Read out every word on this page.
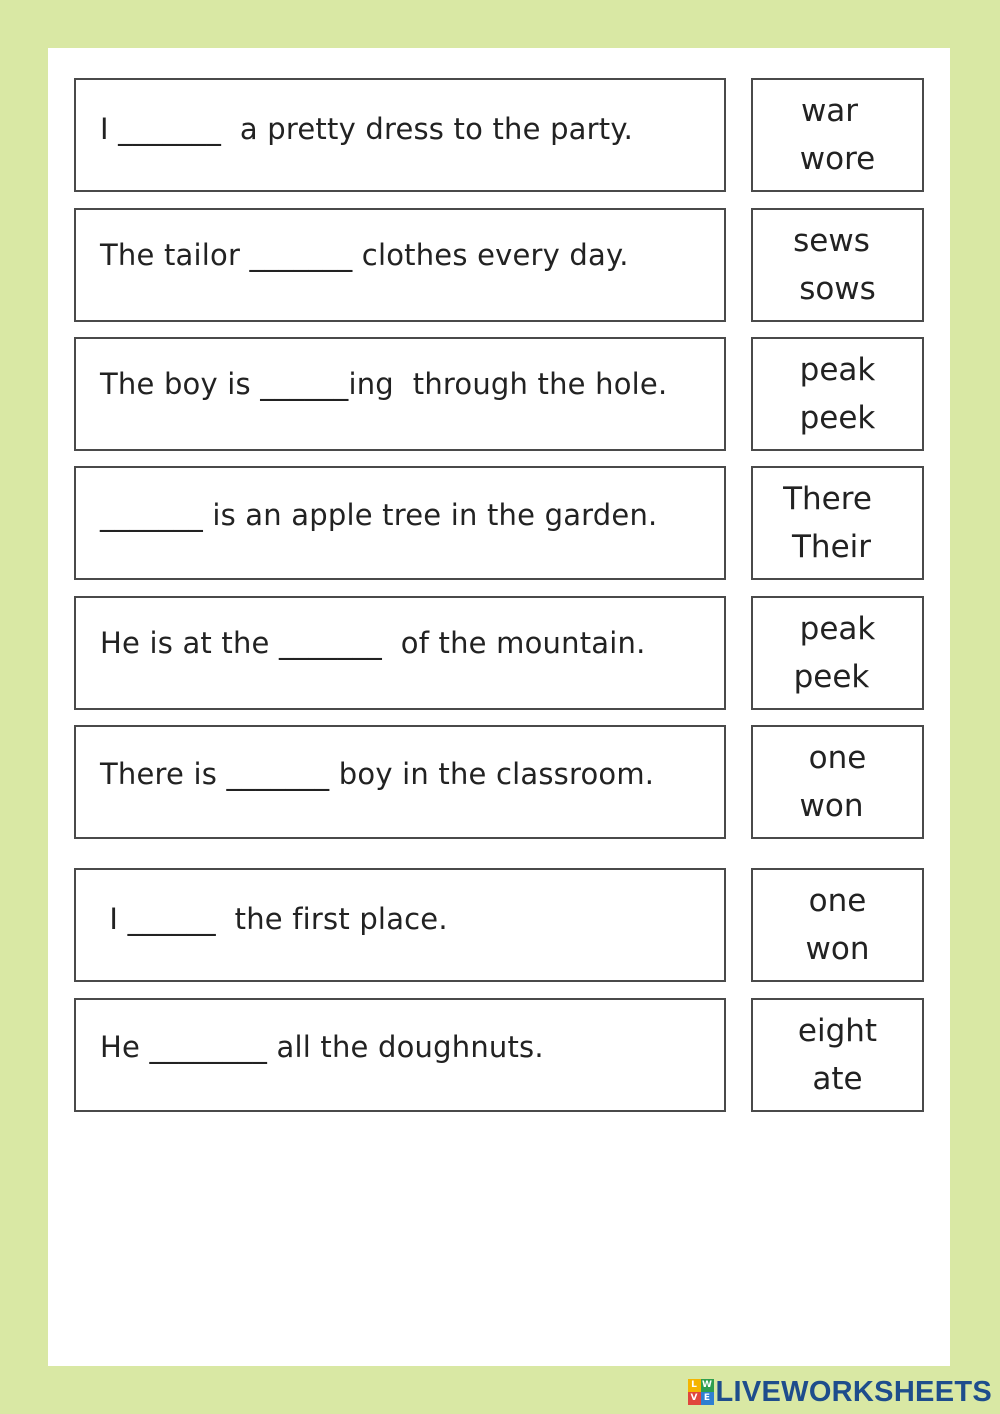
I _______  a pretty dress to the party.	war
wore
The tailor _______ clothes every day.	sews
sows
The boy is ______ing  through the hole.	peak
peek
_______ is an apple tree in the garden.	There
Their
He is at the _______  of the mountain.	peak
peek
There is _______ boy in the classroom.	one
won
I ______  the first place.	one
won
He ________ all the doughnuts.	eight
ate
L W
V E LIVEWORKSHEETS
